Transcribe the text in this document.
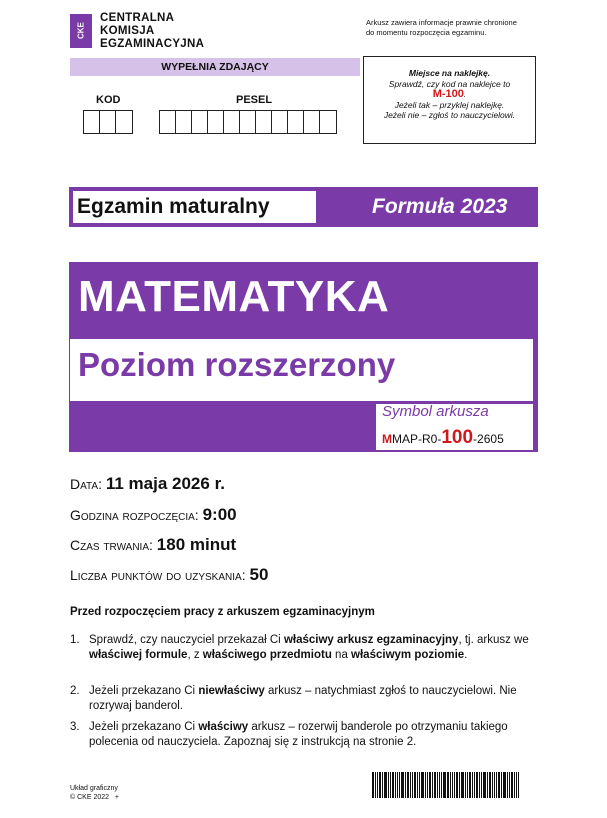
CKE
CENTRALNA
KOMISJA
EGZAMINACYJNA
Arkusz zawiera informacje prawnie chronione
do momentu rozpoczęcia egzaminu.
WYPEŁNIA ZDAJĄCY
KOD	PESEL
Miejsce na naklejkę.
Sprawdź, czy kod na naklejce to
M-100.
Jeżeli tak – przyklej naklejkę.
Jeżeli nie – zgłoś to nauczycielowi.
Egzamin maturalny	Formuła 2023
MATEMATYKA
Poziom rozszerzony
Symbol arkusza
MMAP-R0-100-2605
Data: 11 maja 2026 r.
Godzina rozpoczęcia: 9:00
Czas trwania: 180 minut
Liczba punktów do uzyskania: 50
Przed rozpoczęciem pracy z arkuszem egzaminacyjnym
1. Sprawdź, czy nauczyciel przekazał Ci właściwy arkusz egzaminacyjny, tj. arkusz we właściwej formule, z właściwego przedmiotu na właściwym poziomie.
2. Jeżeli przekazano Ci niewłaściwy arkusz – natychmiast zgłoś to nauczycielowi. Nie rozrywaj banderol.
3. Jeżeli przekazano Ci właściwy arkusz – rozerwij banderole po otrzymaniu takiego polecenia od nauczyciela. Zapoznaj się z instrukcją na stronie 2.
Układ graficzny
© CKE 2022 +
